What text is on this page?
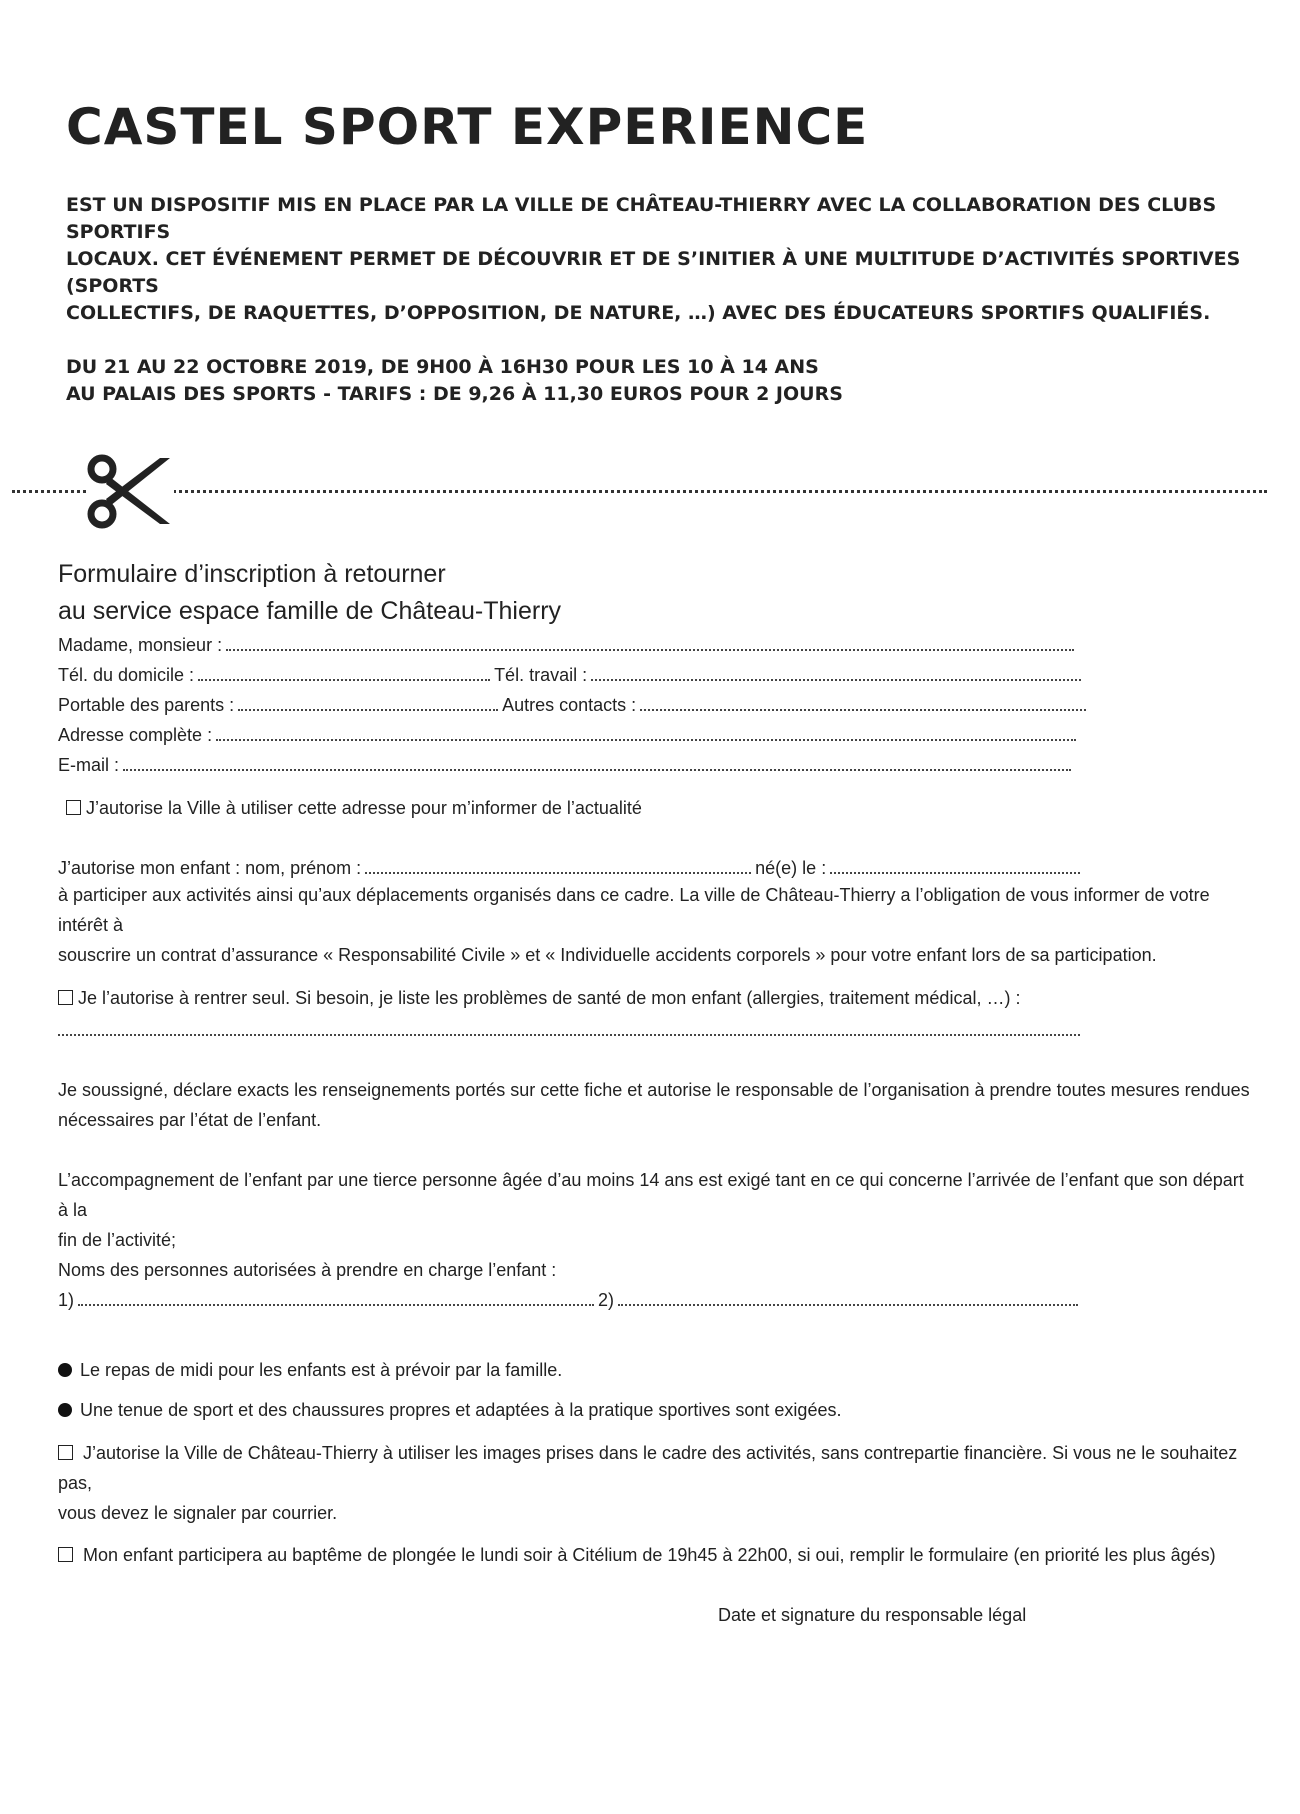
CASTEL SPORT EXPERIENCE

EST UN DISPOSITIF MIS EN PLACE PAR LA VILLE DE CHÂTEAU-THIERRY AVEC LA COLLABORATION DES CLUBS SPORTIFS

LOCAUX. CET ÉVÉNEMENT PERMET DE DÉCOUVRIR ET DE S’INITIER À UNE MULTITUDE D’ACTIVITÉS SPORTIVES (SPORTS

COLLECTIFS, DE RAQUETTES, D’OPPOSITION, DE NATURE, …) AVEC DES ÉDUCATEURS SPORTIFS QUALIFIÉS.

DU 21 AU 22 OCTOBRE 2019, DE 9H00 À 16H30 POUR LES 10 À 14 ANS

AU PALAIS DES SPORTS - TARIFS : DE 9,26 À 11,30 EUROS POUR 2 JOURS

Formulaire d’inscription à retourner
au service espace famille de Château-Thierry
Madame, monsieur :
Tél. du domicile :	Tél. travail :
Portable des parents :	Autres contacts :
Adresse complète :
E-mail :
J’autorise la Ville à utiliser cette adresse pour m’informer de l’actualité
J’autorise mon enfant : nom, prénom :	né(e) le :
à participer aux activités ainsi qu’aux déplacements organisés dans ce cadre. La ville de Château-Thierry a l’obligation de vous informer de votre intérêt à
souscrire un contrat d’assurance « Responsabilité Civile » et « Individuelle accidents corporels » pour votre enfant lors de sa participation.
Je l’autorise à rentrer seul. Si besoin, je liste les problèmes de santé de mon enfant (allergies, traitement médical, …) :
Je soussigné, déclare exacts les renseignements portés sur cette fiche et autorise le responsable de l’organisation à prendre toutes mesures rendues
nécessaires par l’état de l’enfant.
L’accompagnement de l’enfant par une tierce personne âgée d’au moins 14 ans est exigé tant en ce qui concerne l’arrivée de l’enfant que son départ à la
fin de l’activité;
Noms des personnes autorisées à prendre en charge l’enfant :
1)	2)
Le repas de midi pour les enfants est à prévoir par la famille.
Une tenue de sport et des chaussures propres et adaptées à la pratique sportives sont exigées.
J’autorise la Ville de Château-Thierry à utiliser les images prises dans le cadre des activités, sans contrepartie financière. Si vous ne le souhaitez pas,
vous devez le signaler par courrier.
Mon enfant participera au baptême de plongée le lundi soir à Citélium de 19h45 à 22h00, si oui, remplir le formulaire (en priorité les plus âgés)
Date et signature du responsable légal
